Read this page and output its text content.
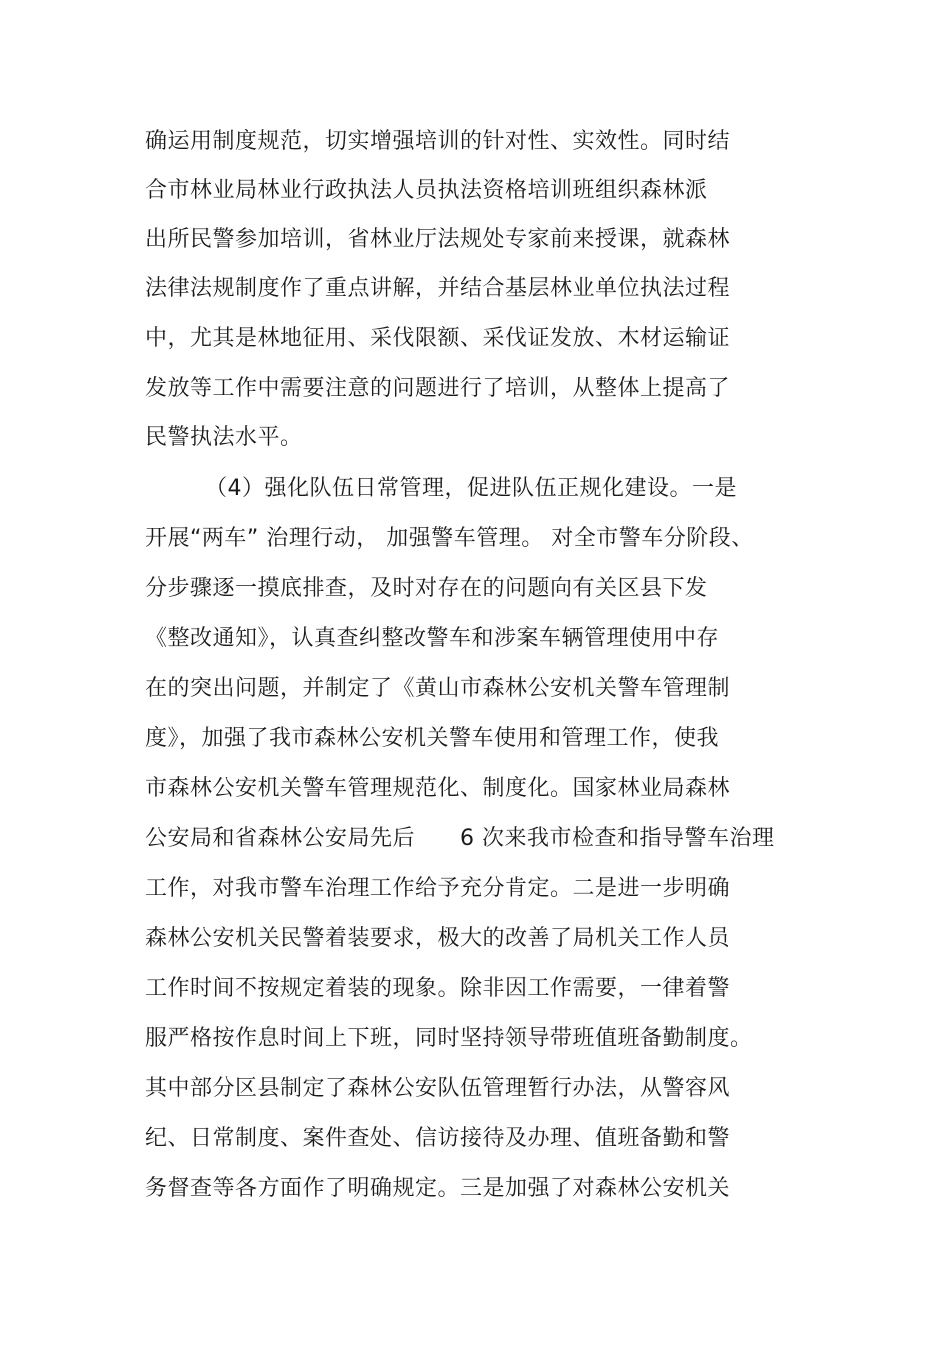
确运用制度规范，切实增强培训的针对性、实效性。同时结
合市林业局林业行政执法人员执法资格培训班组织森林派
出所民警参加培训，省林业厅法规处专家前来授课，就森林
法律法规制度作了重点讲解，并结合基层林业单位执法过程
中，尤其是林地征用、采伐限额、采伐证发放、木材运输证
发放等工作中需要注意的问题进行了培训，从整体上提高了
民警执法水平。
（4）强化队伍日常管理，促进队伍正规化建设。一是
开展“两车” 治理行动， 加强警车管理。 对全市警车分阶段、
分步骤逐一摸底排查，及时对存在的问题向有关区县下发
《整改通知》，认真查纠整改警车和涉案车辆管理使用中存
在的突出问题，并制定了《黄山市森林公安机关警车管理制
度》，加强了我市森林公安机关警车使用和管理工作，使我
市森林公安机关警车管理规范化、制度化。国家林业局森林
公安局和省森林公安局先后　　6 次来我市检查和指导警车治理
工作，对我市警车治理工作给予充分肯定。二是进一步明确
森林公安机关民警着装要求，极大的改善了局机关工作人员
工作时间不按规定着装的现象。除非因工作需要，一律着警
服严格按作息时间上下班，同时坚持领导带班值班备勤制度。
其中部分区县制定了森林公安队伍管理暂行办法，从警容风
纪、日常制度、案件查处、信访接待及办理、值班备勤和警
务督查等各方面作了明确规定。三是加强了对森林公安机关
